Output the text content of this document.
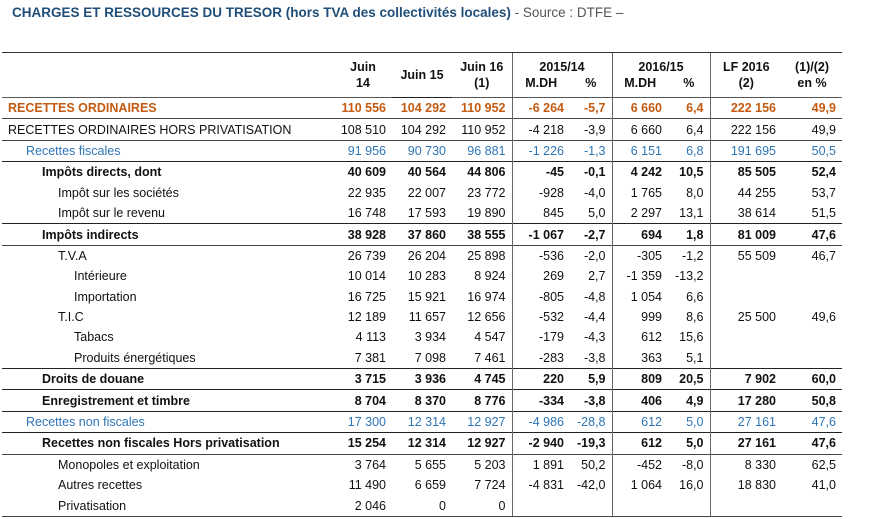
CHARGES ET RESSOURCES DU TRESOR (hors TVA des collectivités locales) - Source : DTFE –
	Juin	Juin 15	Juin 16	2015/14		2016/15		LF 2016	(1)/(2)
	14		(1)	M.DH	%	M.DH	%	(2)	en %
RECETTES ORDINAIRES	110 556	104 292	110 952	-6 264	-5,7	6 660	6,4	222 156	49,9
RECETTES ORDINAIRES HORS PRIVATISATION	108 510	104 292	110 952	-4 218	-3,9	6 660	6,4	222 156	49,9
Recettes fiscales	91 956	90 730	96 881	-1 226	-1,3	6 151	6,8	191 695	50,5
Impôts directs, dont	40 609	40 564	44 806	-45	-0,1	4 242	10,5	85 505	52,4
Impôt sur les sociétés	22 935	22 007	23 772	-928	-4,0	1 765	8,0	44 255	53,7
Impôt sur le revenu	16 748	17 593	19 890	845	5,0	2 297	13,1	38 614	51,5
Impôts indirects	38 928	37 860	38 555	-1 067	-2,7	694	1,8	81 009	47,6
T.V.A	26 739	26 204	25 898	-536	-2,0	-305	-1,2	55 509	46,7
Intérieure	10 014	10 283	8 924	269	2,7	-1 359	-13,2		
Importation	16 725	15 921	16 974	-805	-4,8	1 054	6,6		
T.I.C	12 189	11 657	12 656	-532	-4,4	999	8,6	25 500	49,6
Tabacs	4 113	3 934	4 547	-179	-4,3	612	15,6		
Produits énergétiques	7 381	7 098	7 461	-283	-3,8	363	5,1		
Droits de douane	3 715	3 936	4 745	220	5,9	809	20,5	7 902	60,0
Enregistrement et timbre	8 704	8 370	8 776	-334	-3,8	406	4,9	17 280	50,8
Recettes non fiscales	17 300	12 314	12 927	-4 986	-28,8	612	5,0	27 161	47,6
Recettes non fiscales Hors privatisation	15 254	12 314	12 927	-2 940	-19,3	612	5,0	27 161	47,6
Monopoles et exploitation	3 764	5 655	5 203	1 891	50,2	-452	-8,0	8 330	62,5
Autres recettes	11 490	6 659	7 724	-4 831	-42,0	1 064	16,0	18 830	41,0
Privatisation	2 046	0	0						
